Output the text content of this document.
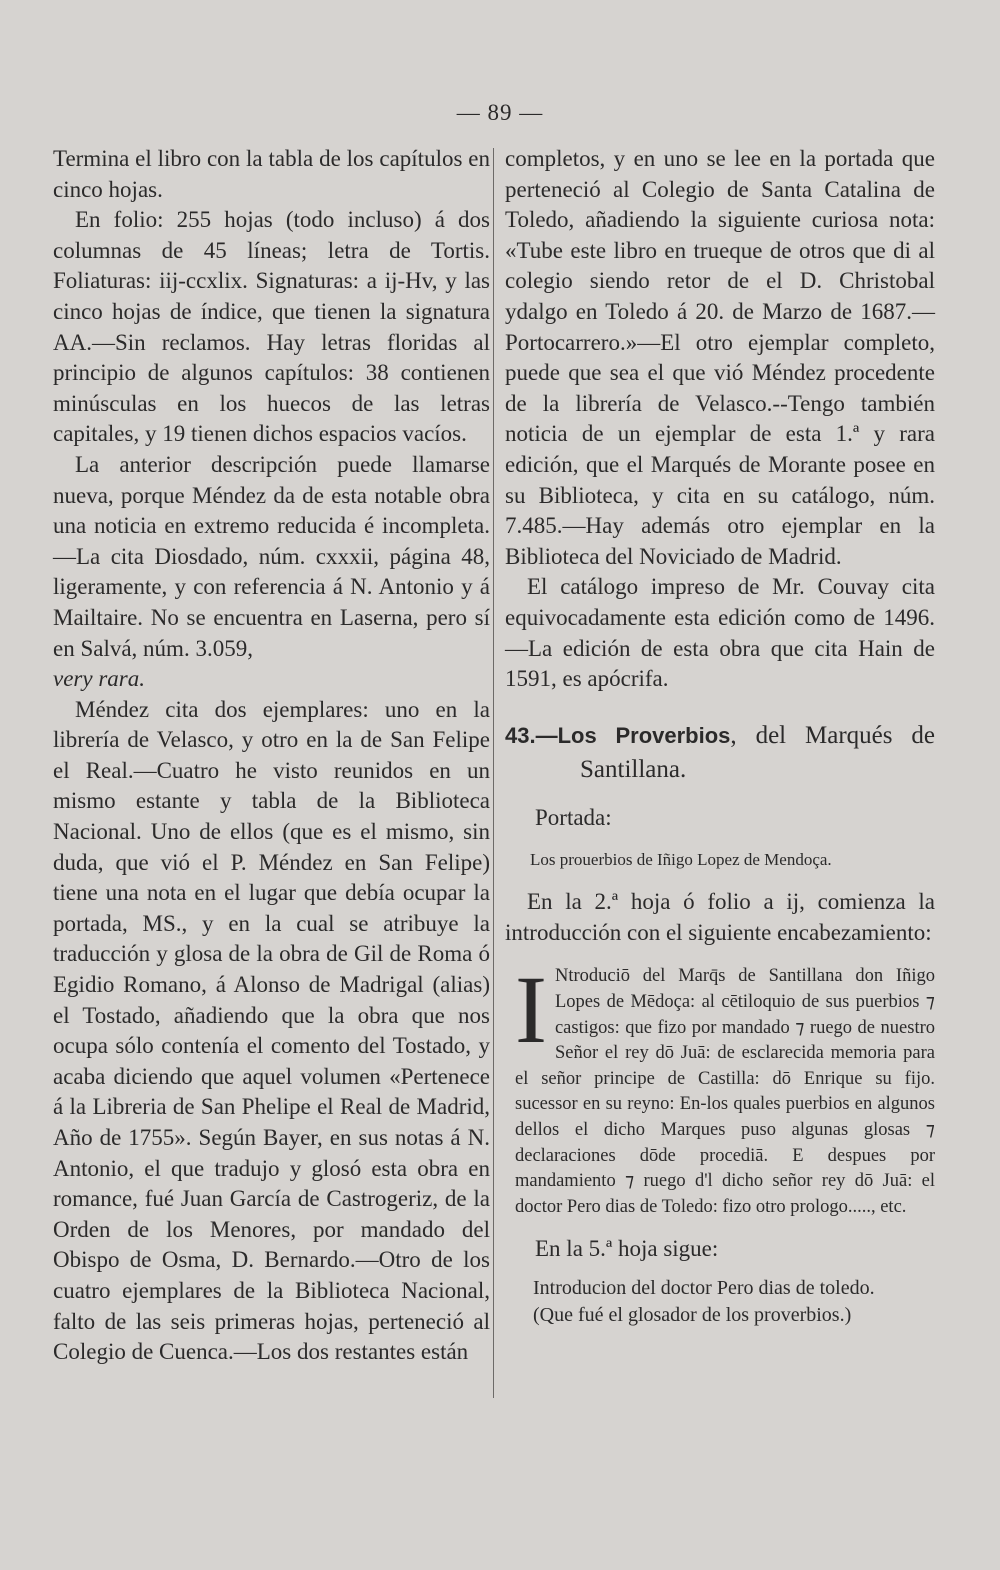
— 89 —

Termina el libro con la tabla de los capítulos en cinco hojas.

En folio: 255 hojas (todo incluso) á dos columnas de 45 líneas; letra de Tortis. Foliaturas: iij-ccxlix. Signaturas: a ij-Hv, y las cinco hojas de índice, que tienen la signatura AA.—Sin reclamos. Hay letras floridas al principio de algunos capítulos: 38 contienen minúsculas en los huecos de las letras capitales, y 19 tienen dichos espacios vacíos.

La anterior descripción puede llamarse nueva, porque Méndez da de esta notable obra una noticia en extremo reducida é incompleta.—La cita Diosdado, núm. cxxxii, página 48, ligeramente, y con referencia á N. Antonio y á Mailtaire. No se encuentra en Laserna, pero sí en Salvá, núm. 3.059,

very rara.

Méndez cita dos ejemplares: uno en la librería de Velasco, y otro en la de San Felipe el Real.—Cuatro he visto reunidos en un mismo estante y tabla de la Biblioteca Nacional. Uno de ellos (que es el mismo, sin duda, que vió el P. Méndez en San Felipe) tiene una nota en el lugar que debía ocupar la portada, MS., y en la cual se atribuye la traducción y glosa de la obra de Gil de Roma ó Egidio Romano, á Alonso de Madrigal (alias) el Tostado, añadiendo que la obra que nos ocupa sólo contenía el comento del Tostado, y acaba diciendo que aquel volumen «Pertenece á la Libreria de San Phelipe el Real de Madrid, Año de 1755». Según Bayer, en sus notas á N. Antonio, el que tradujo y glosó esta obra en romance, fué Juan García de Castrogeriz, de la Orden de los Menores, por mandado del Obispo de Osma, D. Bernardo.—Otro de los cuatro ejemplares de la Biblioteca Nacional, falto de las seis primeras hojas, perteneció al Colegio de Cuenca.—Los dos restantes están

completos, y en uno se lee en la portada que perteneció al Colegio de Santa Catalina de Toledo, añadiendo la siguiente curiosa nota: «Tube este libro en trueque de otros que di al colegio siendo retor de el D. Christobal ydalgo en Toledo á 20. de Marzo de 1687.—Portocarrero.»—El otro ejemplar completo, puede que sea el que vió Méndez procedente de la librería de Velasco.--Tengo también noticia de un ejemplar de esta 1.ª y rara edición, que el Marqués de Morante posee en su Biblioteca, y cita en su catálogo, núm. 7.485.—Hay además otro ejemplar en la Biblioteca del Noviciado de Madrid.

El catálogo impreso de Mr. Couvay cita equivocadamente esta edición como de 1496.—La edición de esta obra que cita Hain de 1591, es apócrifa.

43.—Los Proverbios, del Marqués de Santillana.
Portada:
Los prouerbios de Iñigo Lopez de Mendoça.

En la 2.ª hoja ó folio a ij, comienza la introducción con el siguiente encabezamiento:

I Ntroduciō del Marq̄s de Santillana don Iñigo Lopes de Mēdoça: al cētiloquio de sus puerbios ⁊ castigos: que fizo por mandado ⁊ ruego de nuestro Señor el rey dō Juā: de esclarecida memoria para el señor principe de Castilla: dō Enrique su fijo. sucessor en su reyno: En-los quales puerbios en algunos dellos el dicho Marques puso algunas glosas ⁊ declaraciones dōde procediā. E despues por mandamiento ⁊ ruego d'l dicho señor rey dō Juā: el doctor Pero dias de Toledo: fizo otro prologo....., etc.
En la 5.ª hoja sigue:
Introducion del doctor Pero dias de toledo.
(Que fué el glosador de los proverbios.)
